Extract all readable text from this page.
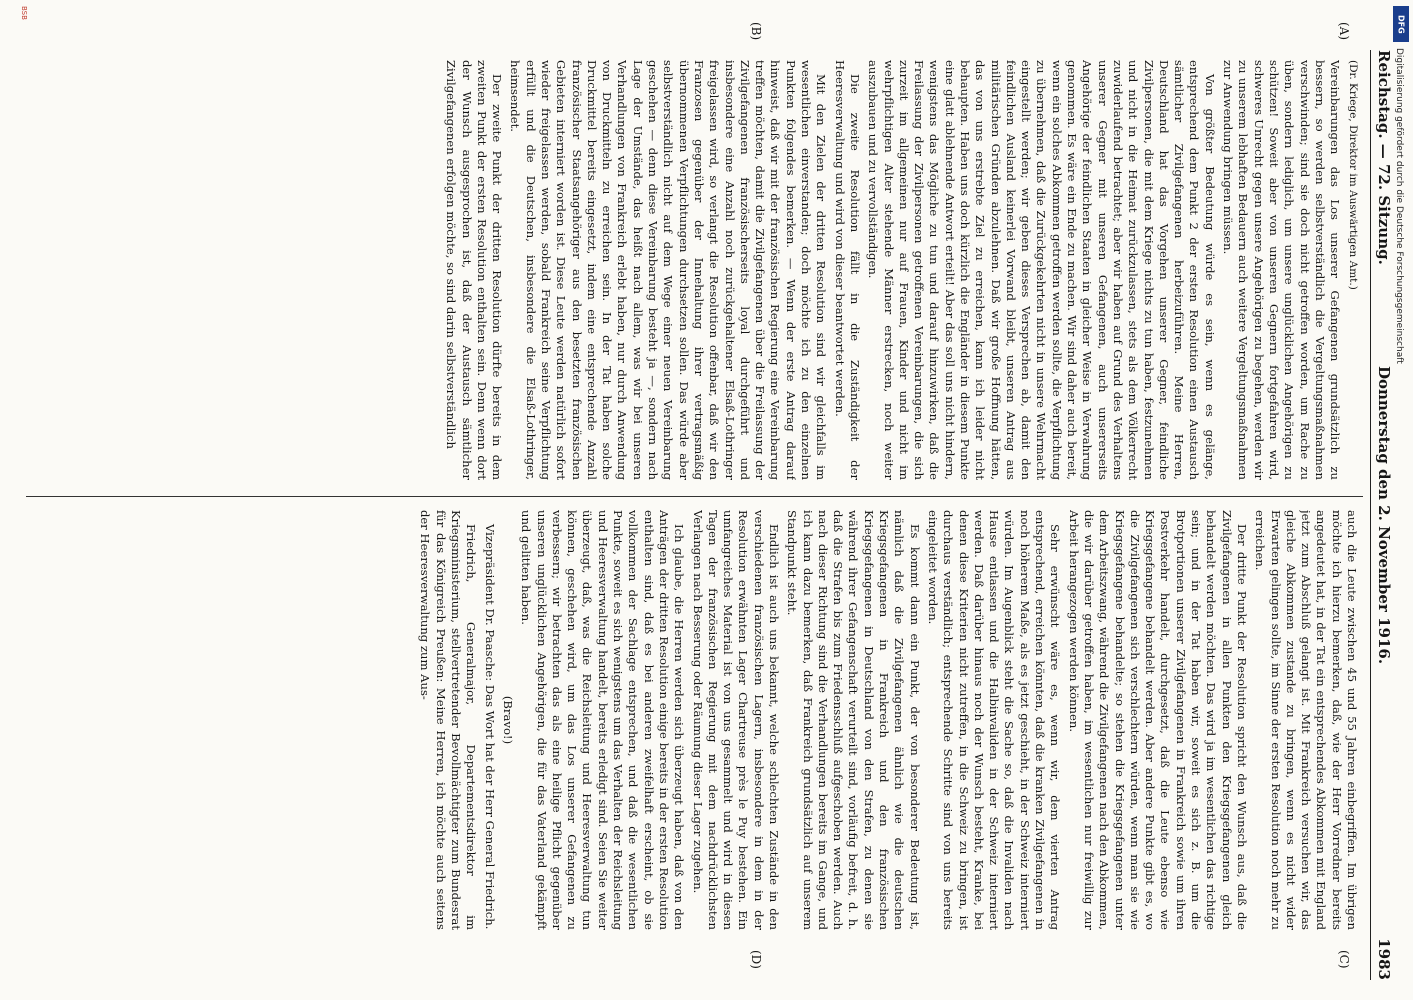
Reichstag. — 72. Sitzung.
Donnerstag den 2. November 1916.
1983
(A)
(B)
(C)
(D)

(Dr. Kriege, Direktor im Auswärtigen Amt.)

Vereinbarungen das Los unserer Gefangenen grundsätzlich zu bessern, so werden selbstverständlich die Vergeltungsmaßnahmen verschwinden; sind sie doch nicht getroffen worden, um Rache zu üben, sondern lediglich, um unsere unglücklichen Angehörigen zu schützen! Soweit aber von unseren Gegnern fortgefahren wird, schweres Unrecht gegen unsere Angehörigen zu begehen, werden wir zu unserem lebhaften Bedauern auch weitere Vergeltungsmaßnahmen zur Anwendung bringen müssen.

Von größter Bedeutung würde es sein, wenn es gelänge, entsprechend dem Punkt 2 der ersten Resolution einen Austausch sämtlicher Zivilgefangenen herbeizuführen. Meine Herren, Deutschland hat das Vorgehen unserer Gegner, feindliche Zivilpersonen, die mit dem Kriege nichts zu tun haben, festzunehmen und nicht in die Heimat zurückzulassen, stets als dem Völkerrecht zuwiderlaufend betrachtet; aber wir haben auf Grund des Verhaltens unserer Gegner mit unseren Gefangenen, auch unsererseits Angehörige der feindlichen Staaten in gleicher Weise in Verwahrung genommen. Es wäre ein Ende zu machen. Wir sind daher auch bereit, wenn ein solches Abkommen getroffen werden sollte, die Verpflichtung zu übernehmen, daß die Zurückgekehrten nicht in unsere Wehrmacht eingestellt werden; wir geben dieses Versprechen ab, damit den feindlichen Ausland keinerlei Vorwand bleibt, unseren Antrag aus militärischen Gründen abzulehnen. Daß wir große Hoffnung hätten, das von uns erstrebte Ziel zu erreichen, kann ich leider nicht behaupten. Haben uns doch kürzlich die Engländer in diesem Punkte eine glatt ablehnende Antwort erteilt! Aber das soll uns nicht hindern, wenigstens das Mögliche zu tun und darauf hinzuwirken, daß die Freilassung der Zivilpersonen getroffenen Vereinbarungen, die sich zurzeit im allgemeinen nur auf Frauen, Kinder und nicht im wehrpflichtigen Alter stehende Männer erstrecken, noch weiter auszubauen und zu vervollständigen.

Die zweite Resolution fällt in die Zuständigkeit der Heeresverwaltung und wird von dieser beantwortet werden.

Mit den Zielen der dritten Resolution sind wir gleichfalls im wesentlichen einverstanden; doch möchte ich zu den einzelnen Punkten folgendes bemerken. — Wenn der erste Antrag darauf hinweist, daß wir mit der französischen Regierung eine Vereinbarung treffen möchten, damit die Zivilgefangenen über die Freilassung der Zivilgefangenen französischerseits loyal durchgeführt und insbesondere eine Anzahl noch zurückgehaltener Elsaß-Lothringer freigelassen wird, so verlangt die Resolution offenbar, daß wir den Franzosen gegenüber der Innehaltung ihrer vertragsmäßig übernommenen Verpflichtungen durchsetzen sollen. Das würde aber selbstverständlich nicht auf dem Wege einer neuen Vereinbarung geschehen — denn diese Vereinbarung besteht ja —, sondern nach Lage der Umstände, das heißt nach allem, was wir bei unseren Verhandlungen von Frankreich erlebt haben, nur durch Anwendung von Druckmitteln zu erreichen sein. In der Tat haben solche Druckmittel bereits eingesetzt, indem eine entsprechende Anzahl französischer Staatsangehöriger aus den besetzten französischen Gebieten interniert worden ist. Diese Leute werden natürlich sofort wieder freigelassen werden, sobald Frankreich seine Verpflichtung erfüllt und die Deutschen, insbesondere die Elsaß-Lothringer, heimsendet.

Der zweite Punkt der dritten Resolution dürfte bereits in dem zweiten Punkt der ersten Resolution enthalten sein. Denn wenn dort der Wunsch ausgesprochen ist, daß der Austausch sämtlicher Zivilgefangenen erfolgen möchte, so sind darin selbstverständlich

auch die Leute zwischen 45 und 55 Jahren einbegriffen. Im übrigen möchte ich hierzu bemerken, daß, wie der Herr Vorredner bereits angedeutet hat, in der Tat ein entsprechendes Abkommen mit England jetzt zum Abschluß gelangt ist. Mit Frankreich versuchen wir, das gleiche Abkommen zustande zu bringen, wenn es nicht wider Erwarten gelingen sollte, im Sinne der ersten Resolution noch mehr zu erreichen.

Der dritte Punkt der Resolution spricht den Wunsch aus, daß die Zivilgefangenen in allen Punkten den Kriegsgefangenen gleich behandelt werden möchten. Das wird ja im wesentlichen das richtige sein; und in der Tat haben wir, soweit es sich z. B. um die Brotportionen unserer Zivilgefangenen in Frankreich sowie um ihren Postverkehr handelt, durchgesetzt, daß die Leute ebenso wie Kriegsgefangene behandelt werden. Aber andere Punkte gibt es, wo die Zivilgefangenen sich verschlechtern würden, wenn man sie wie Kriegsgefangene behandelte; so stehen die Kriegsgefangenen unter dem Arbeitszwang, während die Zivilgefangenen nach den Abkommen, die wir darüber getroffen haben, im wesentlichen nur freiwillig zur Arbeit herangezogen werden können.

Sehr erwünscht wäre es, wenn wir, dem vierten Antrag entsprechend, erreichen könnten, daß die kranken Zivilgefangenen in noch höherem Maße, als es jetzt geschieht, in der Schweiz interniert würden. Im Augenblick steht die Sache so, daß die Invaliden nach Hause entlassen und die Halbinvaliden in der Schweiz interniert werden. Daß darüber hinaus noch der Wunsch besteht, Kranke, bei denen diese Kriterien nicht zutreffen, in die Schweiz zu bringen, ist durchaus verständlich; entsprechende Schritte sind von uns bereits eingeleitet worden.

Es kommt dann ein Punkt, der von besonderer Bedeutung ist, nämlich daß die Zivilgefangenen ähnlich wie die deutschen Kriegsgefangenen in Frankreich und den französischen Kriegsgefangenen in Deutschland von den Strafen, zu denen sie während ihrer Gefangenschaft verurteilt sind, vorläufig befreit, d. h. daß die Strafen bis zum Friedensschluß aufgeschoben werden. Auch nach dieser Richtung sind die Verhandlungen bereits im Gange, und ich kann dazu bemerken, daß Frankreich grundsätzlich auf unserem Standpunkt steht.

Endlich ist auch uns bekannt, welche schlechten Zustände in den verschiedenen französischen Lagern, insbesondere in dem in der Resolution erwähnten Lager Chartreuse près le Puy bestehen. Ein umfangreiches Material ist von uns gesammelt und wird in diesen Tagen der französischen Regierung mit dem nachdrücklichsten Verlangen nach Besserung oder Räumung dieser Lager zugehen.

Ich glaube, die Herren werden sich überzeugt haben, daß von den Anträgen der dritten Resolution einige bereits in der ersten Resolution enthalten sind, daß es bei anderen zweifelhaft erscheint, ob sie vollkommen der Sachlage entsprechen, und daß die wesentlichen Punkte, soweit es sich wenigstens um das Verhalten der Reichsleitung und Heeresverwaltung handelt, bereits erledigt sind. Seien Sie weiter überzeugt, daß, was die Reichsleitung und Heeresverwaltung tun können, geschehen wird, um das Los unserer Gefangenen zu verbessern; wir betrachten das als eine heilige Pflicht gegenüber unseren unglücklichen Angehörigen, die für das Vaterland gekämpft und gelitten haben.

(Bravo!)

Vizepräsident Dr. Paasche: Das Wort hat der Herr General Friedrich.

Friedrich, Generalmajor, Departementsdirektor im Kriegsministerium, stellvertretender Bevollmächtigter zum Bundesrat für das Königreich Preußen: Meine Herren, ich möchte auch seitens der Heeresverwaltung zum Aus-

BSB
DFG
Digitalisierung gefördert durch die Deutsche Forschungsgemeinschaft
